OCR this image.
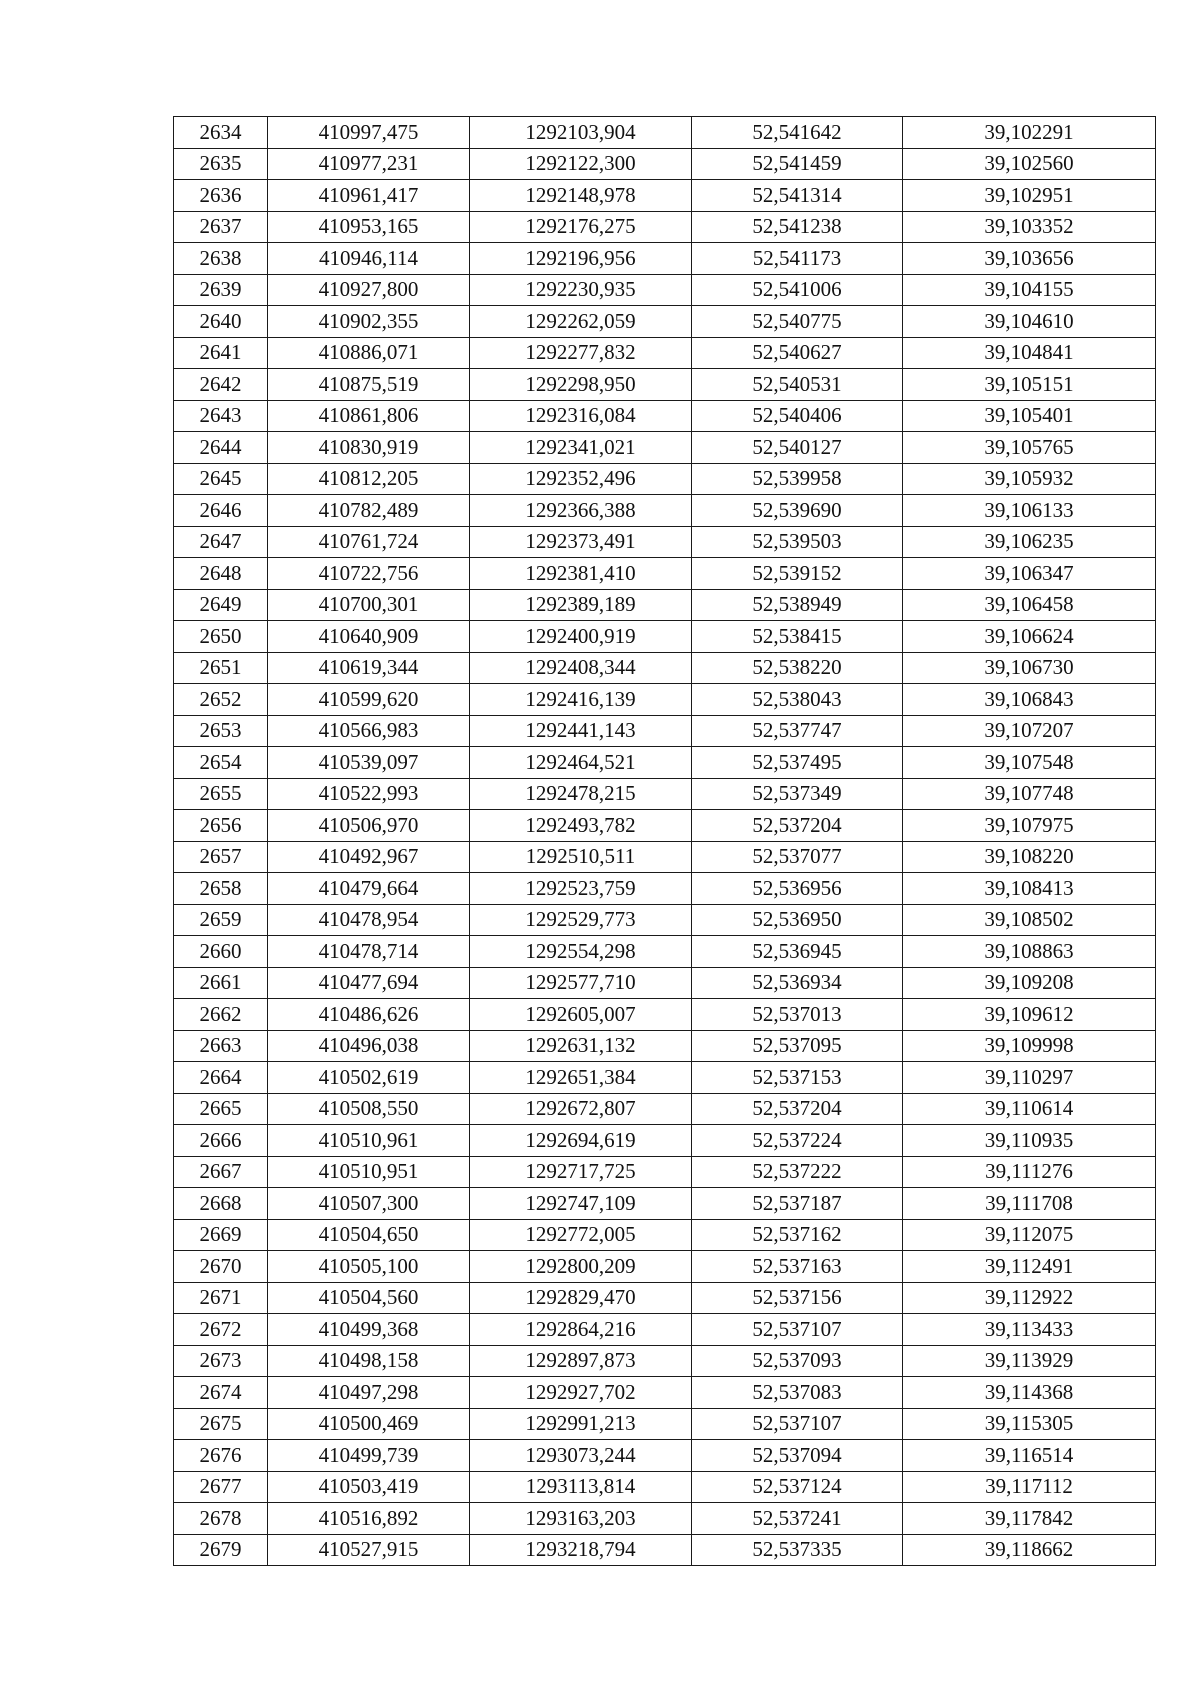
2634	410997,475	1292103,904	52,541642	39,102291
2635	410977,231	1292122,300	52,541459	39,102560
2636	410961,417	1292148,978	52,541314	39,102951
2637	410953,165	1292176,275	52,541238	39,103352
2638	410946,114	1292196,956	52,541173	39,103656
2639	410927,800	1292230,935	52,541006	39,104155
2640	410902,355	1292262,059	52,540775	39,104610
2641	410886,071	1292277,832	52,540627	39,104841
2642	410875,519	1292298,950	52,540531	39,105151
2643	410861,806	1292316,084	52,540406	39,105401
2644	410830,919	1292341,021	52,540127	39,105765
2645	410812,205	1292352,496	52,539958	39,105932
2646	410782,489	1292366,388	52,539690	39,106133
2647	410761,724	1292373,491	52,539503	39,106235
2648	410722,756	1292381,410	52,539152	39,106347
2649	410700,301	1292389,189	52,538949	39,106458
2650	410640,909	1292400,919	52,538415	39,106624
2651	410619,344	1292408,344	52,538220	39,106730
2652	410599,620	1292416,139	52,538043	39,106843
2653	410566,983	1292441,143	52,537747	39,107207
2654	410539,097	1292464,521	52,537495	39,107548
2655	410522,993	1292478,215	52,537349	39,107748
2656	410506,970	1292493,782	52,537204	39,107975
2657	410492,967	1292510,511	52,537077	39,108220
2658	410479,664	1292523,759	52,536956	39,108413
2659	410478,954	1292529,773	52,536950	39,108502
2660	410478,714	1292554,298	52,536945	39,108863
2661	410477,694	1292577,710	52,536934	39,109208
2662	410486,626	1292605,007	52,537013	39,109612
2663	410496,038	1292631,132	52,537095	39,109998
2664	410502,619	1292651,384	52,537153	39,110297
2665	410508,550	1292672,807	52,537204	39,110614
2666	410510,961	1292694,619	52,537224	39,110935
2667	410510,951	1292717,725	52,537222	39,111276
2668	410507,300	1292747,109	52,537187	39,111708
2669	410504,650	1292772,005	52,537162	39,112075
2670	410505,100	1292800,209	52,537163	39,112491
2671	410504,560	1292829,470	52,537156	39,112922
2672	410499,368	1292864,216	52,537107	39,113433
2673	410498,158	1292897,873	52,537093	39,113929
2674	410497,298	1292927,702	52,537083	39,114368
2675	410500,469	1292991,213	52,537107	39,115305
2676	410499,739	1293073,244	52,537094	39,116514
2677	410503,419	1293113,814	52,537124	39,117112
2678	410516,892	1293163,203	52,537241	39,117842
2679	410527,915	1293218,794	52,537335	39,118662
